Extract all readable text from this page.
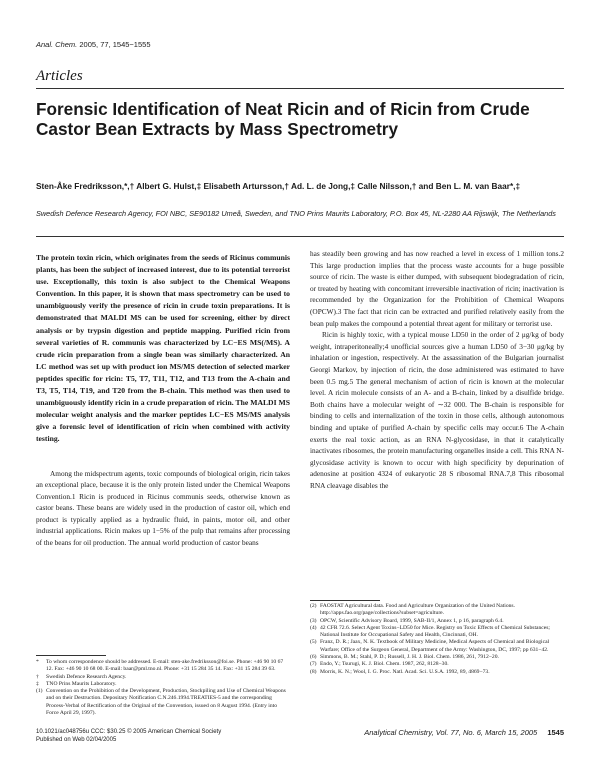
Anal. Chem. 2005, 77, 1545−1555
Articles
Forensic Identification of Neat Ricin and of Ricin from Crude Castor Bean Extracts by Mass Spectrometry
Sten-Åke Fredriksson,*,† Albert G. Hulst,‡ Elisabeth Artursson,† Ad. L. de Jong,‡ Calle Nilsson,† and Ben L. M. van Baar*,‡
Swedish Defence Research Agency, FOI NBC, SE90182 Umeå, Sweden, and TNO Prins Maurits Laboratory, P.O. Box 45, NL-2280 AA Rijswijk, The Netherlands

The protein toxin ricin, which originates from the seeds of Ricinus communis plants, has been the subject of increased interest, due to its potential terrorist use. Exceptionally, this toxin is also subject to the Chemical Weapons Convention. In this paper, it is shown that mass spectrometry can be used to unambiguously verify the presence of ricin in crude toxin preparations. It is demonstrated that MALDI MS can be used for screening, either by direct analysis or by trypsin digestion and peptide mapping. Purified ricin from several varieties of R. communis was characterized by LC−ES MS(/MS). A crude ricin preparation from a single bean was similarly characterized. An LC method was set up with product ion MS/MS detection of selected marker peptides specific for ricin: T5, T7, T11, T12, and T13 from the A-chain and T3, T5, T14, T19, and T20 from the B-chain. This method was then used to unambiguously identify ricin in a crude preparation of ricin. The MALDI MS molecular weight analysis and the marker peptides LC−ES MS/MS analysis give a forensic level of identification of ricin when combined with activity testing.

Among the midspectrum agents, toxic compounds of biological origin, ricin takes an exceptional place, because it is the only protein listed under the Chemical Weapons Convention.1 Ricin is produced in Ricinus communis seeds, otherwise known as castor beans. These beans are widely used in the production of castor oil, which end product is typically applied as a hydraulic fluid, in paints, motor oil, and other industrial applications. Ricin makes up 1−5% of the pulp that remains after processing of the beans for oil production. The annual world production of castor beans

has steadily been growing and has now reached a level in excess of 1 million tons.2 This large production implies that the process waste accounts for a huge possible source of ricin. The waste is either dumped, with subsequent biodegradation of ricin, or treated by heating with concomitant irreversible inactivation of ricin; inactivation is recommended by the Organization for the Prohibition of Chemical Weapons (OPCW).3 The fact that ricin can be extracted and purified relatively easily from the bean pulp makes the compound a potential threat agent for military or terrorist use.

Ricin is highly toxic, with a typical mouse LD50 in the order of 2 μg/kg of body weight, intraperitoneally;4 unofficial sources give a human LD50 of 3−30 μg/kg by inhalation or ingestion, respectively. At the assassination of the Bulgarian journalist Georgi Markov, by injection of ricin, the dose administered was estimated to have been 0.5 mg.5 The general mechanism of action of ricin is known at the molecular level. A ricin molecule consists of an A- and a B-chain, linked by a disulfide bridge. Both chains have a molecular weight of ∼32 000. The B-chain is responsible for binding to cells and internalization of the toxin in those cells, although autonomous binding and uptake of purified A-chain by specific cells may occur.6 The A-chain exerts the real toxic action, as an RNA N-glycosidase, in that it catalytically inactivates ribosomes, the protein manufacturing organelles inside a cell. This RNA N-glycosidase activity is known to occur with high specificity by depurination of adenosine at position 4324 of eukaryotic 28 S ribosomal RNA.7,8 This ribosomal RNA cleavage disables the

*	To whom correspondence should be addressed. E-mail: sten-ake.fredriksson@foi.se. Phone: +46 90 10 67 12. Fax: +46 90 10 68 00. E-mail: baar@pml.tno.nl. Phone: +31 15 284 35 14. Fax: +31 15 284 39 63.
†	Swedish Defence Research Agency.
‡	TNO Prins Maurits Laboratory.
(1) Convention on the Prohibition of the Development, Production, Stockpiling and Use of Chemical Weapons and on their Destruction. Depositary Notification C.N.246.1994.TREATIES-5 and the corresponding Process-Verbal of Rectification of the Original of the Convention, issued on 8 August 1994. (Entry into Force April 29, 1997).
(2) FAOSTAT Agricultural data. Food and Agriculture Organization of the United Nations. http://apps.fao.org/page/collections?subset=agriculture.
(3) OPCW, Scientific Advisory Board, 1999, SAB-II/1, Annex 1, p 16, paragraph 6.4.
(4) 42 CFR 72.6. Select Agent Toxins−LD50 for Mice. Registry on Toxic Effects of Chemical Substances; National Institute for Occupational Safety and Health, Cincinnati, OH.
(5) Franz, D. R.; Jaax, N. K. Textbook of Military Medicine, Medical Aspects of Chemical and Biological Warfare; Office of the Surgeon General, Department of the Army: Washington, DC, 1997; pp 631−42.
(6) Simmons, B. M.; Stahl, P. D.; Russell, J. H. J. Biol. Chem. 1986, 261, 7912−20.
(7) Endo, Y.; Tsurugi, K. J. Biol. Chem. 1987, 262, 8128−30.
(8) Morris, K. N.; Wool, I. G. Proc. Natl. Acad. Sci. U.S.A. 1992, 89, 4869−73.
10.1021/ac048756u CCC: $30.25 © 2005 American Chemical Society
Published on Web 02/04/2005
Analytical Chemistry, Vol. 77, No. 6, March 15, 2005 1545
